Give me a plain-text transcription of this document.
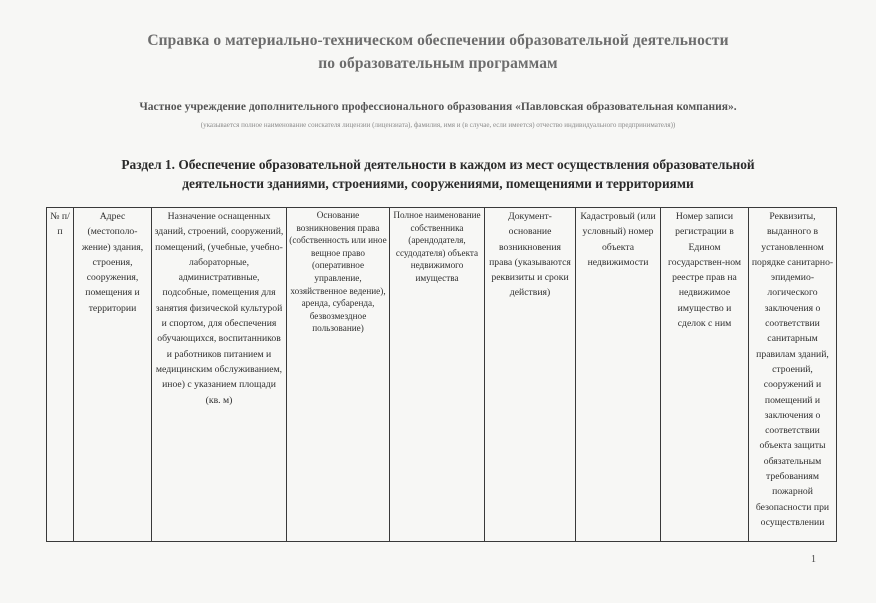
Справка о материально-техническом обеспечении образовательной деятельности
по образовательным программам
Частное учреждение дополнительного профессионального образования «Павловская образовательная компания».
(указывается полное наименование соискателя лицензии (лицензиата), фамилия, имя и (в случае, если имеется) отчество индивидуального предпринимателя))
Раздел 1. Обеспечение образовательной деятельности в каждом из мест осуществления образовательной
деятельности зданиями, строениями, сооружениями, помещениями и территориями
№ п/п	Адрес (местополо-жение) здания, строения, сооружения, помещения и территории	Назначение оснащенных зданий, строений, сооружений, помещений, (учебные, учебно-лабораторные, административные, подсобные, помещения для занятия физической культурой и спортом, для обеспечения обучающихся, воспитанников и работников питанием и медицинским обслуживанием, иное) с указанием площади (кв. м)	Основание возникновения права (собственность или иное вещное право (оперативное управление, хозяйственное ведение), аренда, субаренда, безвозмездное пользование)	Полное наименование собственника (арендодателя, ссудодателя) объекта недвижимого имущества	Документ-основание возникновения права (указываются реквизиты и сроки действия)	Кадастровый (или условный) номер объекта недвижимости	Номер записи регистрации в Едином государствен-ном реестре прав на недвижимое имущество и сделок с ним	Реквизиты, выданного в установленном порядке санитарно-эпидемио-логического заключения о соответствии санитарным правилам зданий, строений, сооружений и помещений и заключения о соответствии объекта защиты обязательным требованиям пожарной безопасности при осуществлении
1
